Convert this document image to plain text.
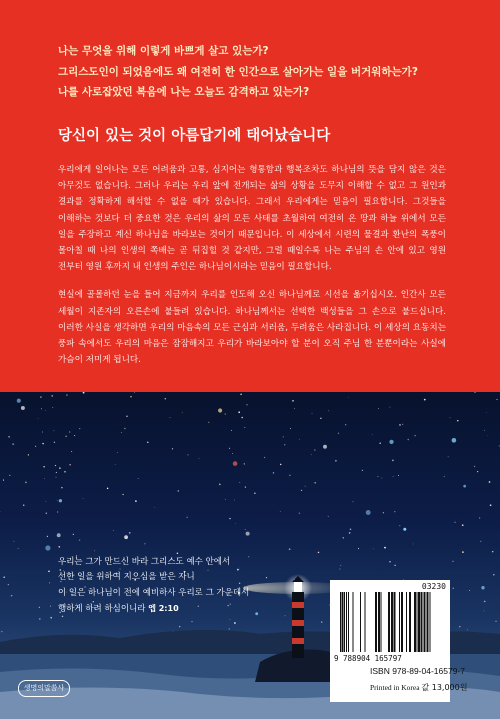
나는 무엇을 위해 이렇게 바쁘게 살고 있는가?

그리스도인이 되었음에도 왜 여전히 한 인간으로 살아가는 일을 버거워하는가?

나를 사로잡았던 복음에 나는 오늘도 감격하고 있는가?

당신이 있는 것이 아름답기에 태어났습니다

우리에게 일어나는 모든 어려움과 고통, 심지어는 형통함과 행복조차도 하나님의 뜻을 담지 않은 것은 아무것도 없습니다. 그러나 우리는 우리 앞에 전개되는 삶의 상황을 도무지 이해할 수 없고 그 원인과 결과를 정확하게 해석할 수 없을 때가 있습니다. 그래서 우리에게는 믿음이 필요합니다. 그것들을 이해하는 것보다 더 중요한 것은 우리의 삶의 모든 사태를 초월하여 여전히 온 땅과 하늘 위에서 모든 일을 주장하고 계신 하나님을 바라보는 것이기 때문입니다. 이 세상에서 시련의 물결과 환난의 폭풍이 몰아칠 때 나의 인생의 쪽배는 곧 뒤집힐 것 같지만, 그럴 때일수록 나는 주님의 손 안에 있고 영원 전부터 영원 후까지 내 인생의 주인은 하나님이시라는 믿음이 필요합니다.

현실에 골몰하던 눈을 들어 지금까지 우리를 인도해 오신 하나님께로 시선을 옮기십시오. 인간사 모든 세월이 지존자의 오른손에 붙들려 있습니다. 하나님께서는 선택한 백성들을 그 손으로 붙드십니다. 이러한 사실을 생각하면 우리의 마음속의 모든 근심과 서러움, 두려움은 사라집니다. 이 세상의 요동치는 풍파 속에서도 우리의 마음은 잠잠해지고 우리가 바라보아야 할 분이 오직 주님 한 분뿐이라는 사실에 가슴이 저미게 됩니다.

우리는 그가 만드신 바라 그리스도 예수 안에서

선한 일을 위하여 지으심을 받은 자니

이 일은 하나님이 전에 예비하사 우리로 그 가운데서

행하게 하려 하심이니라 엡 2:10

03230
9 788904 165797
ISBN 978-89-04-16579-7
Printed in Korea 값 13,000원
생명의말씀사
